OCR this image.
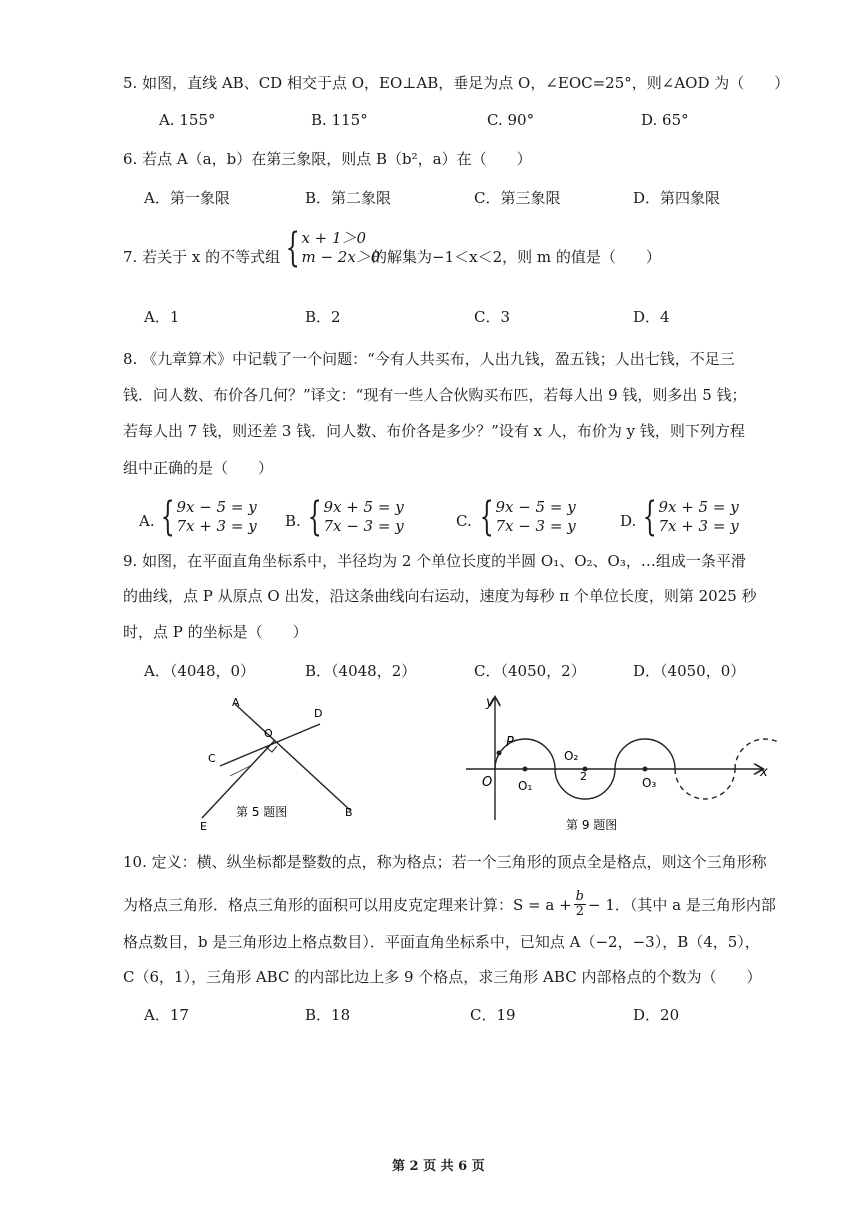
5. 如图，直线 AB、CD 相交于点 O，EO⊥AB，垂足为点 O，∠EOC=25°，则∠AOD 为（　　）
A. 155°	B. 115°	C. 90°	D. 65°
6. 若点 A（a，b）在第三象限，则点 B（b²，a）在（　　）
A．第一象限	B．第二象限	C．第三象限	D．第四象限
7. 若关于 x 的不等式组 { x + 1＞0
m − 2x＞0
的解集为−1＜x＜2，则 m 的值是（　　）
A．1	B．2	C．3	D．4
8. 《九章算术》中记载了一个问题：“今有人共买布，人出九钱，盈五钱；人出七钱，不足三
钱．问人数、布价各几何？”译文：“现有一些人合伙购买布匹，若每人出 9 钱，则多出 5 钱；
若每人出 7 钱，则还差 3 钱．问人数、布价各是多少？”设有 x 人，布价为 y 钱，则下列方程
组中正确的是（　　）
A. { 9x − 5 = y
7x + 3 = y B. { 9x + 5 = y
7x − 3 = y	C. { 9x − 5 = y
7x − 3 = y	D. { 9x + 5 = y
7x + 3 = y
9. 如图，在平面直角坐标系中，半径均为 2 个单位长度的半圆 O₁、O₂、O₃，…组成一条平滑
的曲线，点 P 从原点 O 出发，沿这条曲线向右运动，速度为每秒 π 个单位长度，则第 2025 秒
时，点 P 的坐标是（　　）
A．（4048，0）	B．（4048，2）	C．（4050，2）	D．（4050，0）
A
B
C
D
E
O
第 5 题图
y
x
O
P
O₁
O₂
O₃
2
第 9 题图
10. 定义：横、纵坐标都是整数的点，称为格点；若一个三角形的顶点全是格点，则这个三角形称
为格点三角形．格点三角形的面积可以用皮克定理来计算：$S = a + \frac{b}{2} - 1$．（其中 a 是三角形内部
格点数目，b 是三角形边上格点数目）．平面直角坐标系中，已知点 A（−2，−3），B（4，5），
C（6，1），三角形 ABC 的内部比边上多 9 个格点，求三角形 ABC 内部格点的个数为（　　）
A．17	B．18	C．19	D．20
第 2 页 共 6 页
